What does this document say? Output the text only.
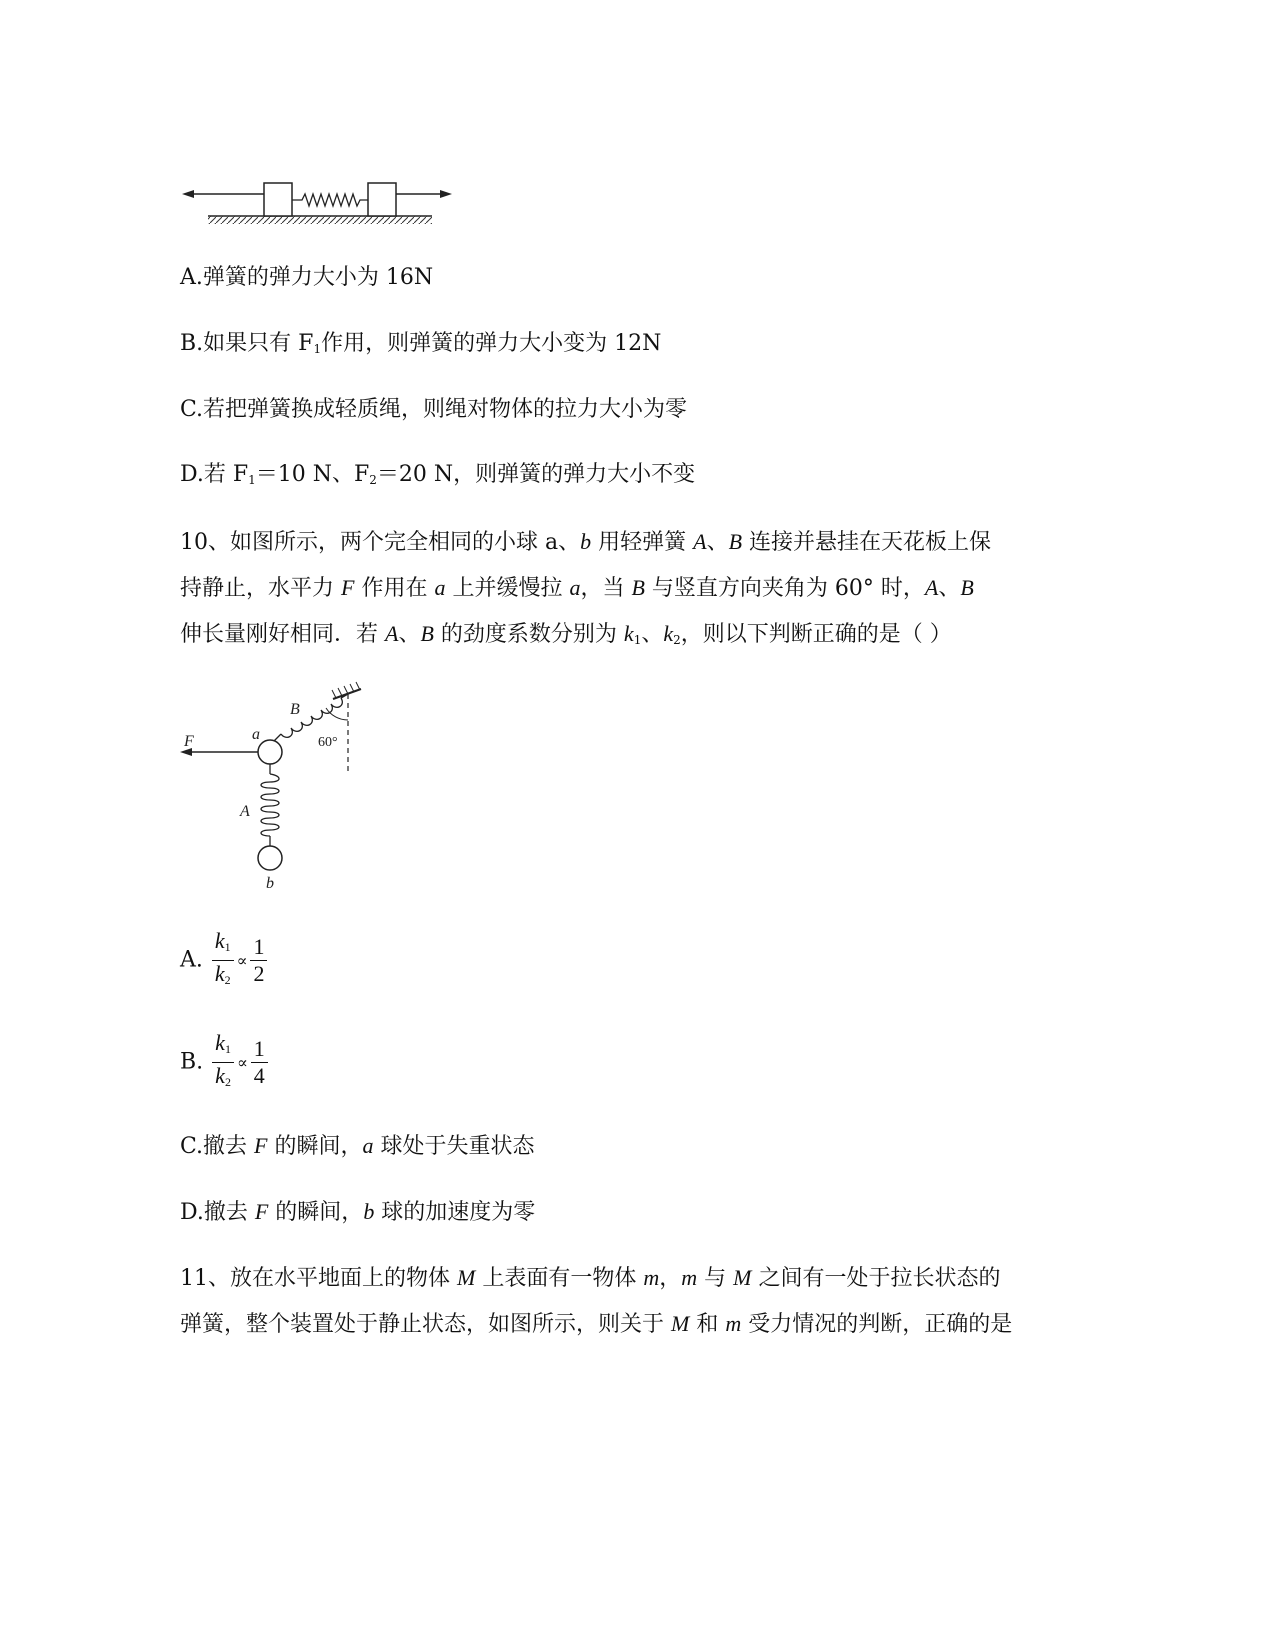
A.弹簧的弹力大小为 16N
B.如果只有 $F_1$作用，则弹簧的弹力大小变为 12N
C.若把弹簧换成轻质绳，则绳对物体的拉力大小为零
D.若 $F_1=10$ N、$F_2=20$ N，则弹簧的弹力大小不变
10、如图所示，两个完全相同的小球 a、b 用轻弹簧 A、B 连接并悬挂在天花板上保
持静止，水平力 F 作用在 a 上并缓慢拉 a，当 B 与竖直方向夹角为 60° 时，A、B
伸长量刚好相同．若 A、B 的劲度系数分别为 $k_1$、$k_2$，则以下判断正确的是（ ）
60°
B
a
F
A
b
A. $\frac{k_1}{k_2} \propto \frac{1}{2}$
B. $\frac{k_1}{k_2} \propto \frac{1}{4}$
C.撤去 F 的瞬间，a 球处于失重状态
D.撤去 F 的瞬间，b 球的加速度为零
11、放在水平地面上的物体 M 上表面有一物体 m，m 与 M 之间有一处于拉长状态的
弹簧，整个装置处于静止状态，如图所示，则关于 M 和 m 受力情况的判断，正确的是
